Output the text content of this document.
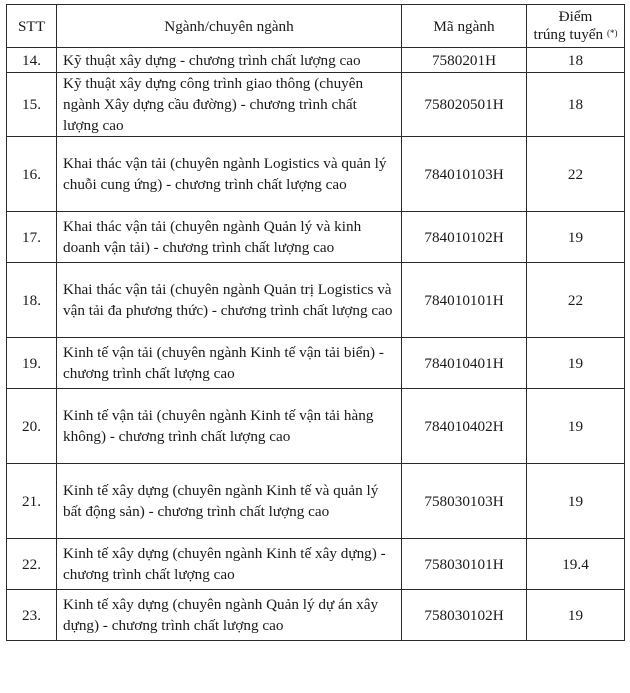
STT	Ngành/chuyên ngành	Mã ngành	Điểm
trúng tuyển (*)
14.	Kỹ thuật xây dựng - chương trình chất lượng cao	7580201H	18
15.	Kỹ thuật xây dựng công trình giao thông (chuyên ngành Xây dựng cầu đường) - chương trình chất lượng cao	758020501H	18
16.	Khai thác vận tải (chuyên ngành Logistics và quản lý chuỗi cung ứng) - chương trình chất lượng cao	784010103H	22
17.	Khai thác vận tải (chuyên ngành Quản lý và kinh doanh vận tải) - chương trình chất lượng cao	784010102H	19
18.	Khai thác vận tải (chuyên ngành Quản trị Logistics và vận tải đa phương thức) - chương trình chất lượng cao	784010101H	22
19.	Kinh tế vận tải (chuyên ngành Kinh tế vận tải biển) - chương trình chất lượng cao	784010401H	19
20.	Kinh tế vận tải (chuyên ngành Kinh tế vận tải hàng không) - chương trình chất lượng cao	784010402H	19
21.	Kinh tế xây dựng (chuyên ngành Kinh tế và quản lý bất động sản) - chương trình chất lượng cao	758030103H	19
22.	Kinh tế xây dựng (chuyên ngành Kinh tế xây dựng) - chương trình chất lượng cao	758030101H	19.4
23.	Kinh tế xây dựng (chuyên ngành Quản lý dự án xây dựng) - chương trình chất lượng cao	758030102H	19
